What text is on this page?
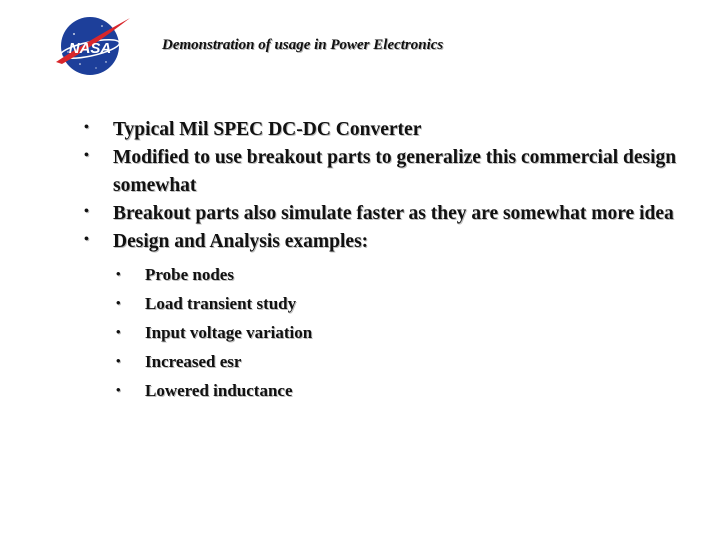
NASA	Demonstration of usage in Power Electronics
• Typical Mil SPEC DC-DC Converter
• Modified to use breakout parts to generalize this commercial design somewhat
• Breakout parts also simulate faster as they are somewhat more idea
• Design and Analysis examples:
• Probe nodes
• Load transient study
• Input voltage variation
• Increased esr
• Lowered inductance
